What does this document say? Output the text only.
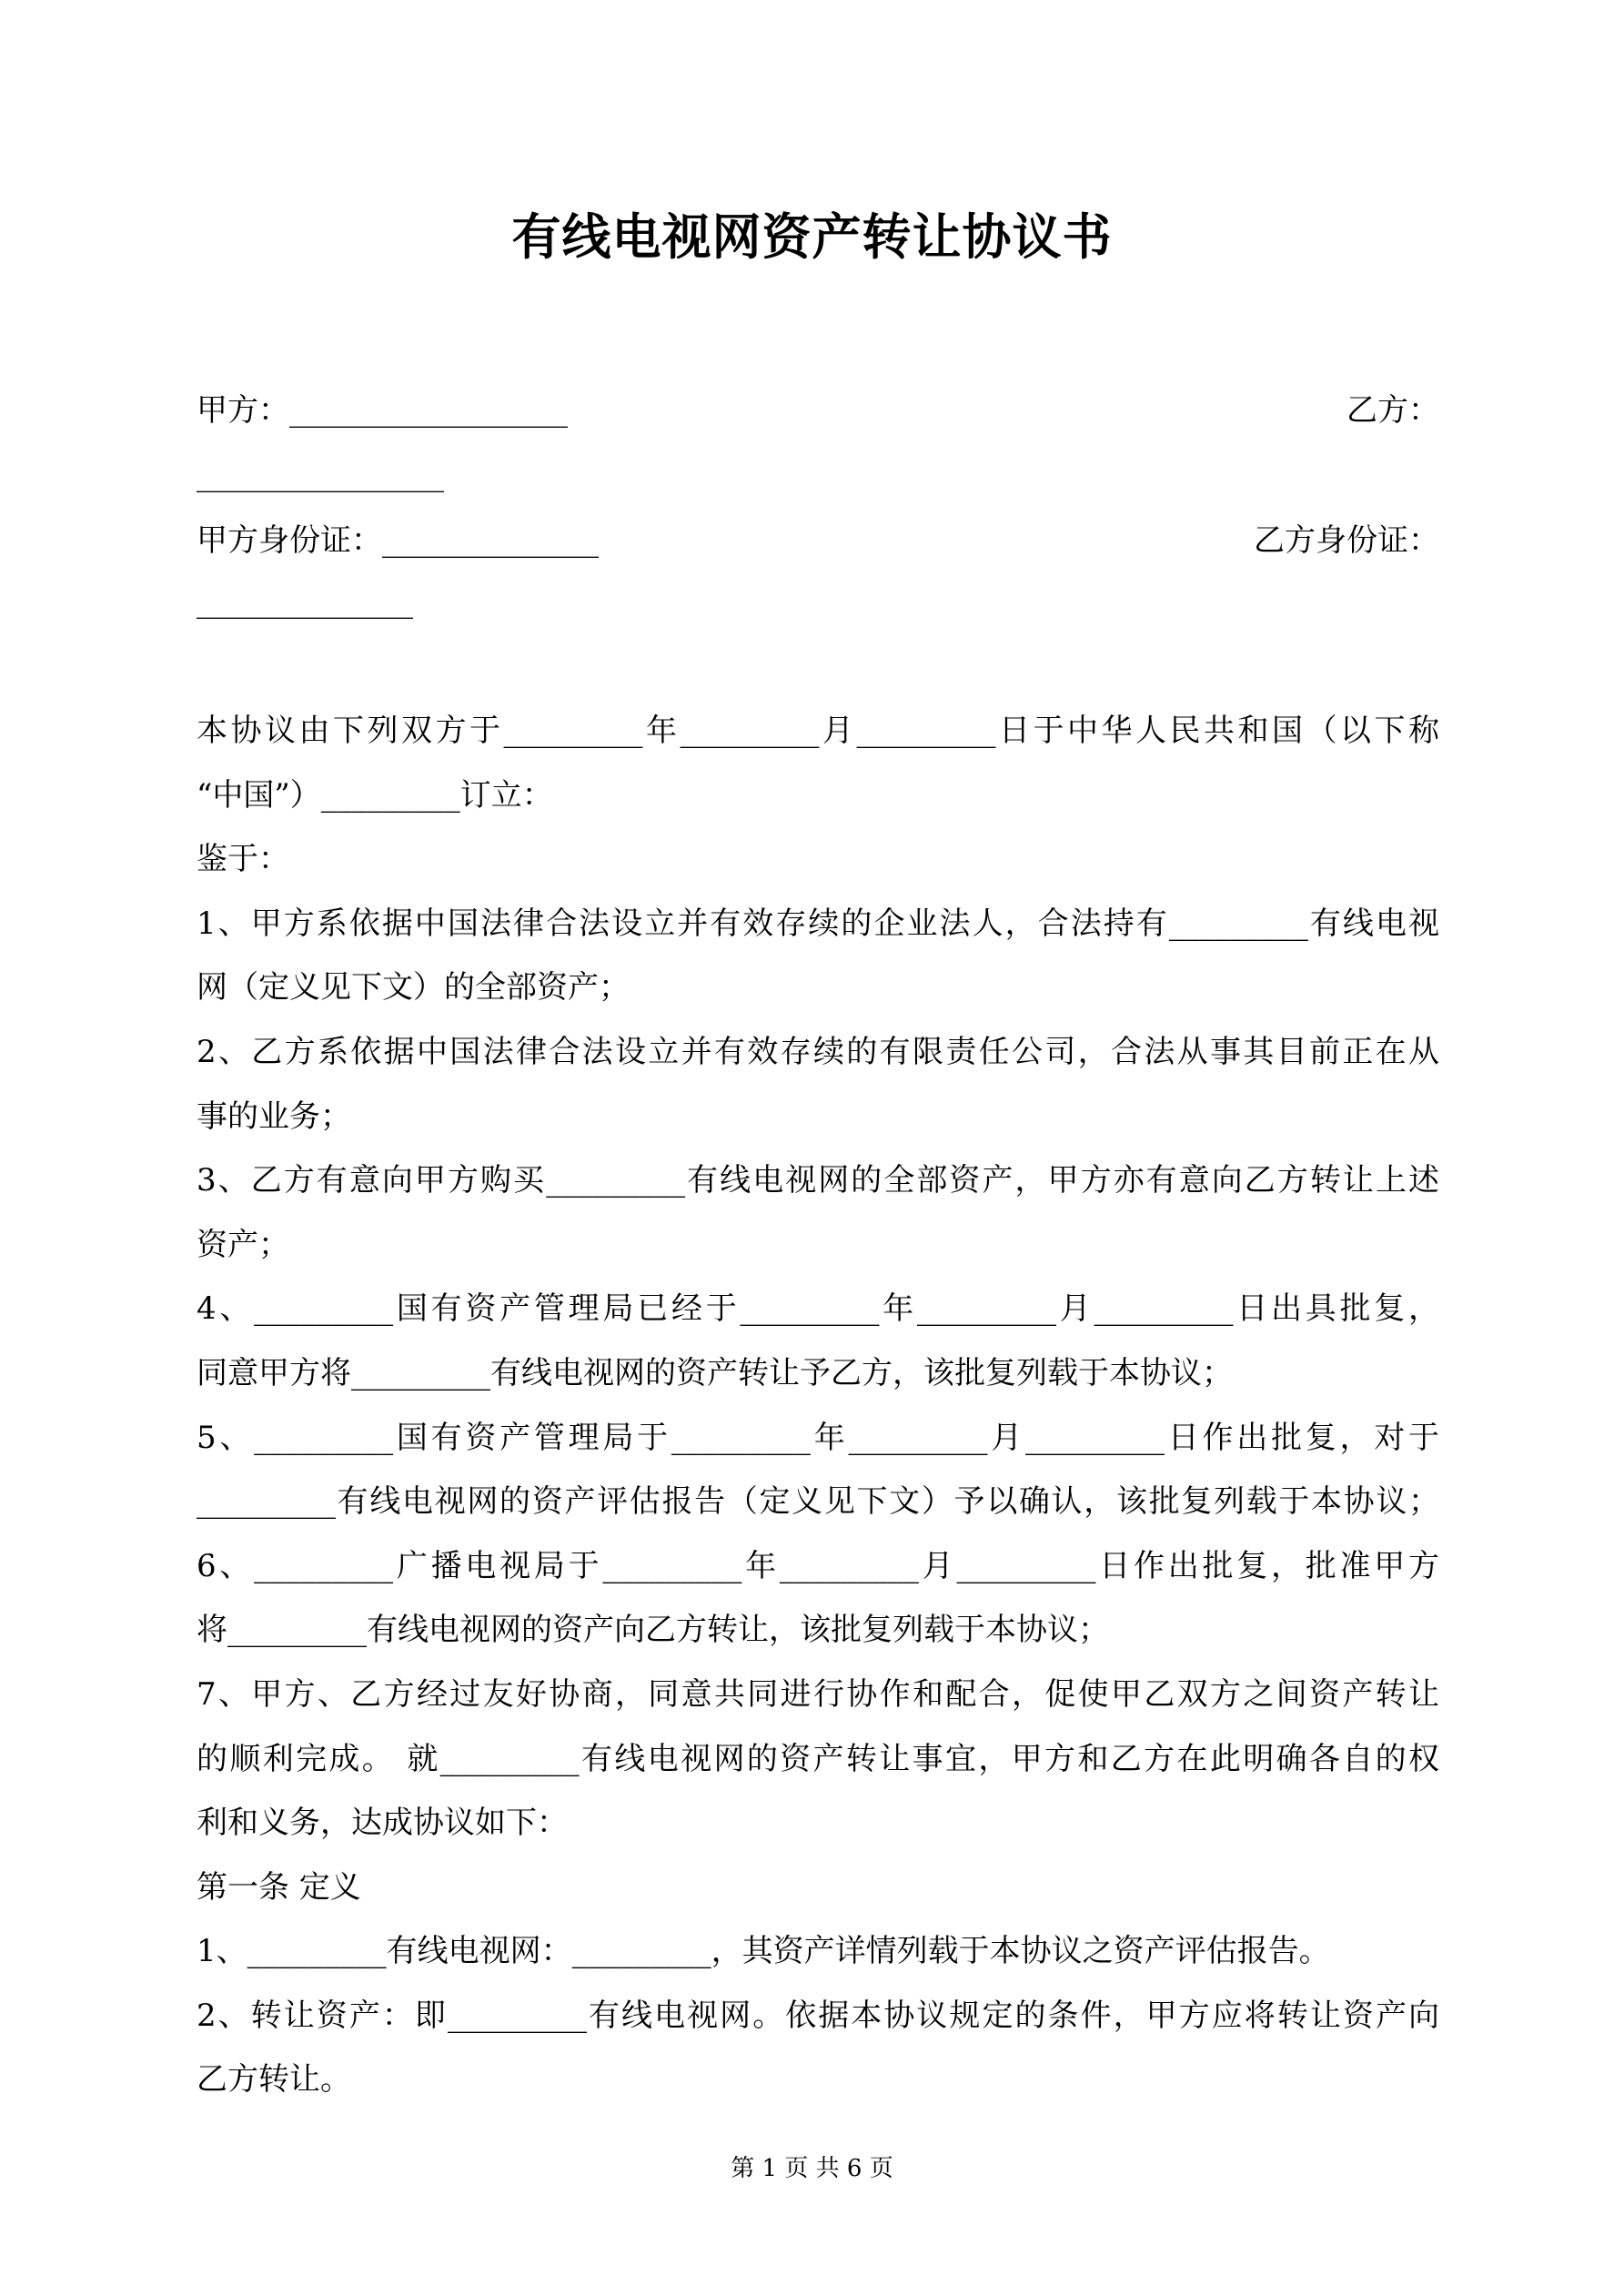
有线电视网资产转让协议书
甲方：__________________	乙方：
________________
甲方身份证：______________	乙方身份证：
______________
本协议由下列双方于_________年_________月_________日于中华人民共和国（以下称
“中国”）_________订立：
鉴于：
1、甲方系依据中国法律合法设立并有效存续的企业法人，合法持有_________有线电视
网（定义见下文）的全部资产；
2、乙方系依据中国法律合法设立并有效存续的有限责任公司，合法从事其目前正在从
事的业务；
3、乙方有意向甲方购买_________有线电视网的全部资产，甲方亦有意向乙方转让上述
资产；
4、_________国有资产管理局已经于_________年_________月_________日出具批复，
同意甲方将_________有线电视网的资产转让予乙方，该批复列载于本协议；
5、_________国有资产管理局于_________年_________月_________日作出批复，对于
_________有线电视网的资产评估报告（定义见下文）予以确认，该批复列载于本协议；
6、_________广播电视局于_________年_________月_________日作出批复，批准甲方
将_________有线电视网的资产向乙方转让，该批复列载于本协议；
7、甲方、乙方经过友好协商，同意共同进行协作和配合，促使甲乙双方之间资产转让
的顺利完成。 就_________有线电视网的资产转让事宜，甲方和乙方在此明确各自的权
利和义务，达成协议如下：
第一条 定义
1、_________有线电视网：_________，其资产详情列载于本协议之资产评估报告。
2、转让资产：即_________有线电视网。依据本协议规定的条件，甲方应将转让资产向
乙方转让。
第 1 页 共 6 页
